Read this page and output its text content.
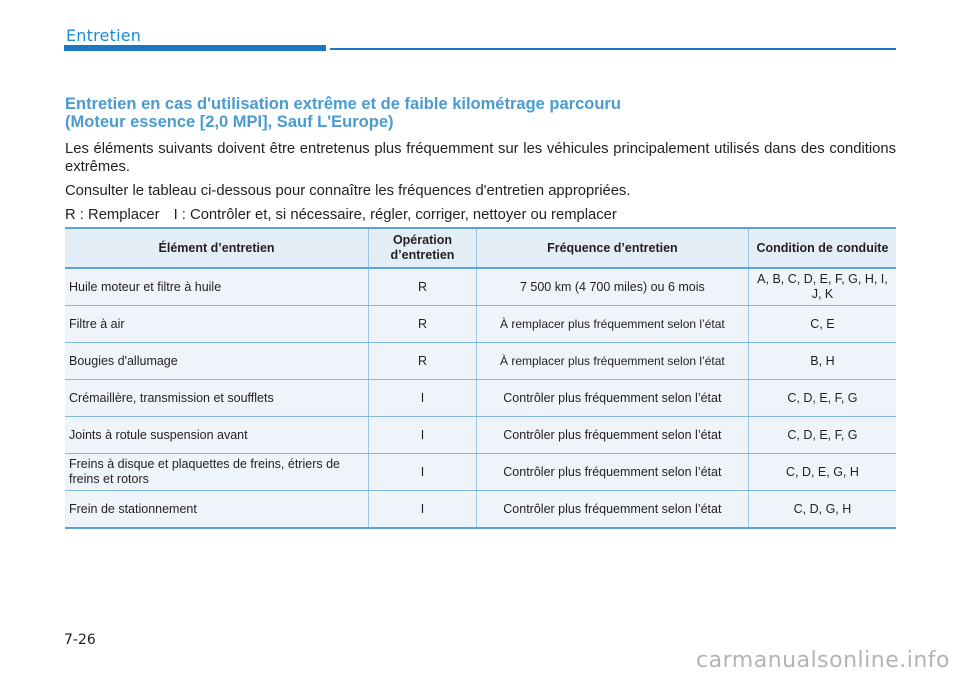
Entretien

Entretien en cas d'utilisation extrême et de faible kilométrage parcouru
(Moteur essence [2,0 MPI], Sauf L'Europe)

Les éléments suivants doivent être entretenus plus fréquemment sur les véhicules principalement utilisés dans des conditions extrêmes.

Consulter le tableau ci-dessous pour connaître les fréquences d'entretien appropriées.

R : Remplacer I : Contrôler et, si nécessaire, régler, corriger, nettoyer ou remplacer
Élément d’entretien	Opération d’entretien	Fréquence d’entretien	Condition de conduite
Huile moteur et filtre à huile	R	7 500 km (4 700 miles) ou 6 mois	A, B, C, D, E, F, G, H, I, J, K
Filtre à air	R	À remplacer plus fréquemment selon l’état	C, E
Bougies d'allumage	R	À remplacer plus fréquemment selon l’état	B, H
Crémaillère, transmission et soufflets	I	Contrôler plus fréquemment selon l’état	C, D, E, F, G
Joints à rotule suspension avant	I	Contrôler plus fréquemment selon l’état	C, D, E, F, G
Freins à disque et plaquettes de freins, étriers de freins et rotors	I	Contrôler plus fréquemment selon l’état	C, D, E, G, H
Frein de stationnement	I	Contrôler plus fréquemment selon l’état	C, D, G, H
7-26
carmanualsonline.info
